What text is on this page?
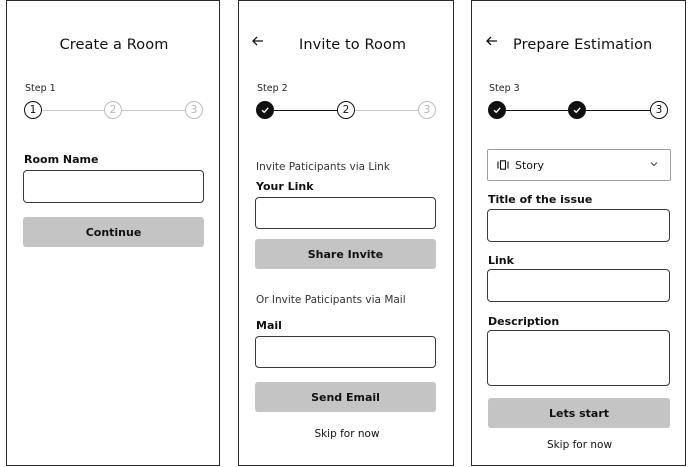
Create a Room
Step 1
1	2	3
Room Name
Continue
Invite to Room
Step 2
2	3
Invite Paticipants via Link
Your Link
Share Invite
Or Invite Paticipants via Mail
Mail
Send Email
Skip for now
Prepare Estimation
Step 3
3
Story
Title of the issue
Link
Description
Lets start
Skip for now
